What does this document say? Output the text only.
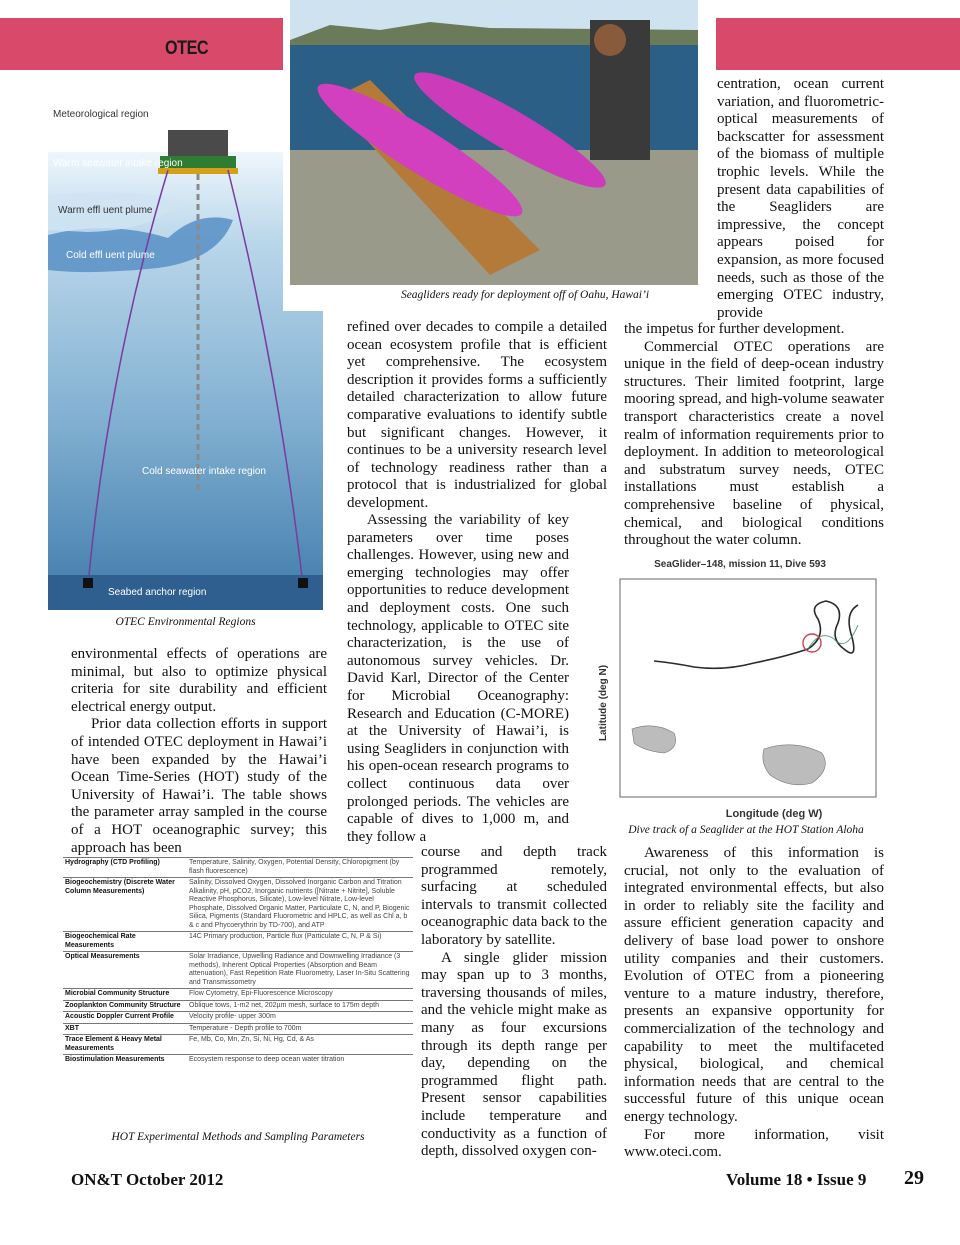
OTEC
Meteorological region
Warm seawater intake region
Warm effl uent plume
Cold effl uent plume
Cold seawater intake region
Seabed anchor region
OTEC Environmental Regions
Seagliders ready for deployment off of Oahu, Hawai’i

environmental effects of operations are minimal, but also to optimize physical criteria for site durability and efficient electrical energy output.

Prior data collection efforts in support of intended OTEC deployment in Hawai’i have been expanded by the Hawai’i Ocean Time-Series (HOT) study of the University of Hawai’i. The table shows the parameter array sampled in the course of a HOT oceanographic survey; this approach has been

refined over decades to compile a detailed ocean ecosystem profile that is efficient yet comprehensive. The ecosystem description it provides forms a sufficiently detailed characterization to allow future comparative evaluations to identify subtle but significant changes. However, it continues to be a university research level of technology readiness rather than a protocol that is industrialized for global development.

Assessing the variability of key parameters over time poses challenges. However, using new and emerging technologies may offer opportunities to reduce development and deployment costs. One such technology, applicable to OTEC site characterization, is the use of autonomous survey vehicles. Dr. David Karl, Director of the Center for Microbial Oceanography: Research and Education (C-MORE) at the University of Hawai’i, is using Seagliders in conjunction with his open-ocean research programs to collect continuous data over prolonged periods. The vehicles are capable of dives to 1,000 m, and they follow a

course and depth track programmed remotely, surfacing at scheduled intervals to transmit collected oceanographic data back to the laboratory by satellite.

A single glider mission may span up to 3 months, traversing thousands of miles, and the vehicle might make as many as four excursions through its depth range per day, depending on the programmed flight path. Present sensor capabilities include temperature and conductivity as a function of depth, dissolved oxygen con-

centration, ocean current variation, and fluorometric-optical measurements of backscatter for assessment of the biomass of multiple trophic levels. While the present data capabilities of the Seagliders are impressive, the concept appears poised for expansion, as more focused needs, such as those of the emerging OTEC industry, provide

the impetus for further development.

Commercial OTEC operations are unique in the field of deep-ocean industry structures. Their limited footprint, large mooring spread, and high-volume seawater transport characteristics create a novel realm of information requirements prior to deployment. In addition to meteorological and substratum survey needs, OTEC installations must establish a comprehensive baseline of physical, chemical, and biological conditions throughout the water column.

Awareness of this information is crucial, not only to the evaluation of integrated environmental effects, but also in order to reliably site the facility and assure efficient generation capacity and delivery of base load power to onshore utility companies and their customers. Evolution of OTEC from a pioneering venture to a mature industry, therefore, presents an expansive opportunity for commercialization of the technology and capability to meet the multifaceted physical, biological, and chemical information needs that are central to the successful future of this unique ocean energy technology.

For more information, visit www.oteci.com.

SeaGlider–148, mission 11, Dive 593
Longitude (deg W)
Latitude (deg N)
Dive track of a Seaglider at the HOT Station Aloha
Hydrography (CTD Profiling)	Temperature, Salinity, Oxygen, Potential Density, Chloropigment (by flash fluorescence)
Biogeochemistry (Discrete Water Column Measurements)	Salinity, Dissolved Oxygen, Dissolved Inorganic Carbon and Titration Alkalinity, pH, pCO2, Inorganic nutrients ([Nitrate + Nitrite], Soluble Reactive Phosphorus, Silicate), Low-level Nitrate, Low-level Phosphate, Dissolved Organic Matter, Particulate C, N, and P, Biogenic Silica, Pigments (Standard Fluorometric and HPLC, as well as Chl a, b & c and Phycoerythrin by TD-700), and ATP
Biogeochemical Rate Measurements	14C Primary production, Particle flux (Particulate C, N, P & Si)
Optical Measurements	Solar Irradiance, Upwelling Radiance and Downwelling Irradiance (3 methods), Inherent Optical Properties (Absorption and Beam attenuation), Fast Repetition Rate Fluorometry, Laser In-Situ Scattering and Transmissometry
Microbial Community Structure	Flow Cytometry, Epi-Fluorescence Microscopy
Zooplankton Community Structure	Oblique tows, 1-m2 net, 202µm mesh, surface to 175m depth
Acoustic Doppler Current Profile	Velocity profile- upper 300m
XBT	Temperature - Depth profile to 700m
Trace Element & Heavy Metal Measurements	Fe, Mb, Co, Mn, Zn, Si, Ni, Hg, Cd, & As
Biostimulation Measurements	Ecosystem response to deep ocean water titration
HOT Experimental Methods and Sampling Parameters
ON&T October 2012	Volume 18 • Issue 9 29
